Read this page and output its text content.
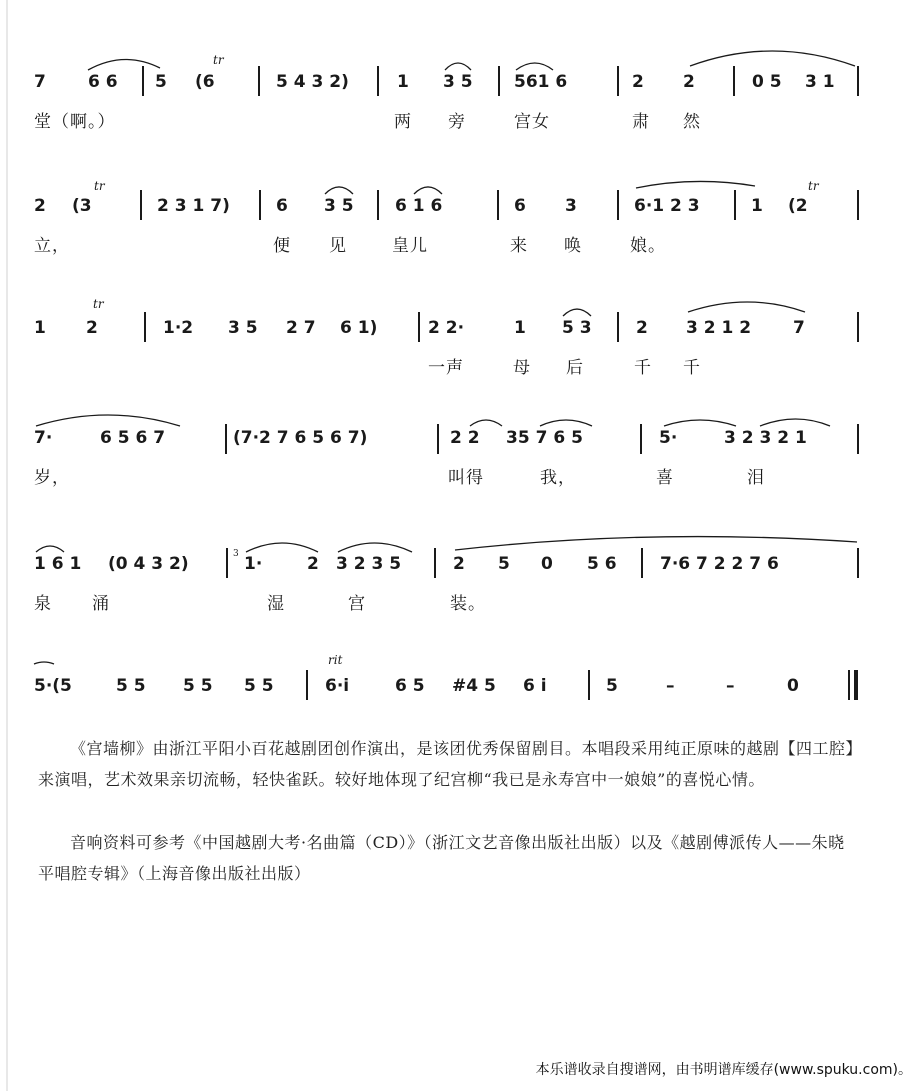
7 6 6 5
tr
(6	5 4 3 2)	1 3 5 561 6	2 2	0 5 3 1
堂（啊。）	两 旁	宫女	肃 然
2
tr
(3	2 3 1 7)	6 3 5 6 1 6	6 3	6·1 2 3	1
tr
(2
立，	便 见	皇儿	来 唤	娘。
1
tr
2	1·2 3 5 2 7 6 1)	2 2·	1 5 3	2 3 2 1 2 7
一声	母 后	千 千
7·	6 5 6 7	(7·2 7 6 5 6 7)	2 2 35 7 6 5	5·	3 2 3 2 1
岁，	叫得	我，	喜	泪
1 6 1 (0 4 3 2)	3 1·	2 3 2 3 5	2 5 0 5 6	7·6 7 2 2 7 6
泉 涌	湿	宫	装。
5·(5	5 5 5 5 5 5
rit
6·i	6 5 #4 5 6 i	5	–	–	0
《宫墙柳》由浙江平阳小百花越剧团创作演出，是该团优秀保留剧目。本唱段采用纯正原味的越剧【四工腔】来演唱，艺术效果亲切流畅，轻快雀跃。较好地体现了纪宫柳“我已是永寿宫中一娘娘”的喜悦心情。
音响资料可参考《中国越剧大考·名曲篇（CD）》（浙江文艺音像出版社出版）以及《越剧傅派传人——朱晓平唱腔专辑》（上海音像出版社出版）
本乐谱收录自搜谱网，由书明谱库缓存(www.spuku.com)。
